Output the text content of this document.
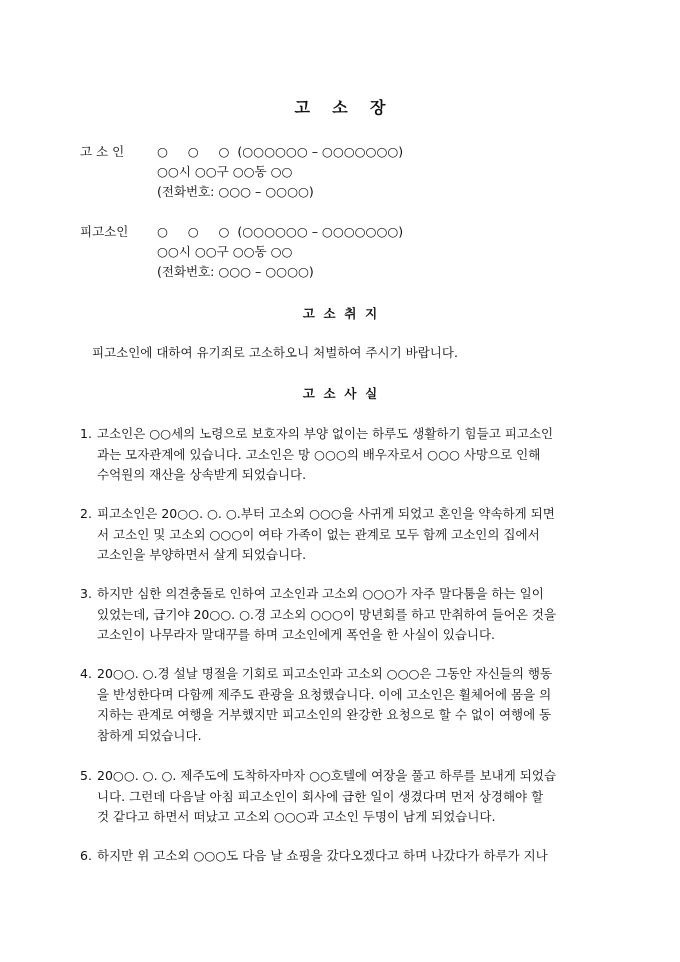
고    소    장
고 소 인	○     ○     ○  (○○○○○○ – ○○○○○○○)
○○시 ○○구 ○○동 ○○
(전화번호: ○○○ – ○○○○)
피고소인	○     ○     ○  (○○○○○○ – ○○○○○○○)
○○시 ○○구 ○○동 ○○
(전화번호: ○○○ – ○○○○)
고  소  취  지
피고소인에 대하여 유기죄로 고소하오니 처벌하여 주시기 바랍니다.
고  소  사  실
1. 고소인은 ○○세의 노령으로 보호자의 부양 없이는 하루도 생활하기 힘들고 피고소인
과는 모자관계에 있습니다. 고소인은 망 ○○○의 배우자로서 ○○○ 사망으로 인해
수억원의 재산을 상속받게 되었습니다.
2. 피고소인은 20○○. ○. ○.부터 고소외 ○○○을 사귀게 되었고 혼인을 약속하게 되면
서 고소인 및 고소외 ○○○이 여타 가족이 없는 관계로 모두 함께 고소인의 집에서
고소인을 부양하면서 살게 되었습니다.
3. 하지만 심한 의견충돌로 인하여 고소인과 고소외 ○○○가 자주 말다툼을 하는 일이
있었는데, 급기야 20○○. ○.경 고소외 ○○○이 망년회를 하고 만취하여 들어온 것을
고소인이 나무라자 말대꾸를 하며 고소인에게 폭언을 한 사실이 있습니다.
4. 20○○. ○.경 설날 명절을 기회로 피고소인과 고소외 ○○○은 그동안 자신들의 행동
을 반성한다며 다함께 제주도 관광을 요청했습니다. 이에 고소인은 휠체어에 몸을 의
지하는 관계로 여행을 거부했지만 피고소인의 완강한 요청으로 할 수 없이 여행에 동
참하게 되었습니다.
5. 20○○. ○. ○. 제주도에 도착하자마자 ○○호텔에 여장을 풀고 하루를 보내게 되었습
니다. 그런데 다음날 아침 피고소인이 회사에 급한 일이 생겼다며 먼저 상경해야 할
것 같다고 하면서 떠났고 고소외 ○○○과 고소인 두명이 남게 되었습니다.
6. 하지만 위 고소외 ○○○도 다음 날 쇼핑을 갔다오겠다고 하며 나갔다가 하루가 지나
